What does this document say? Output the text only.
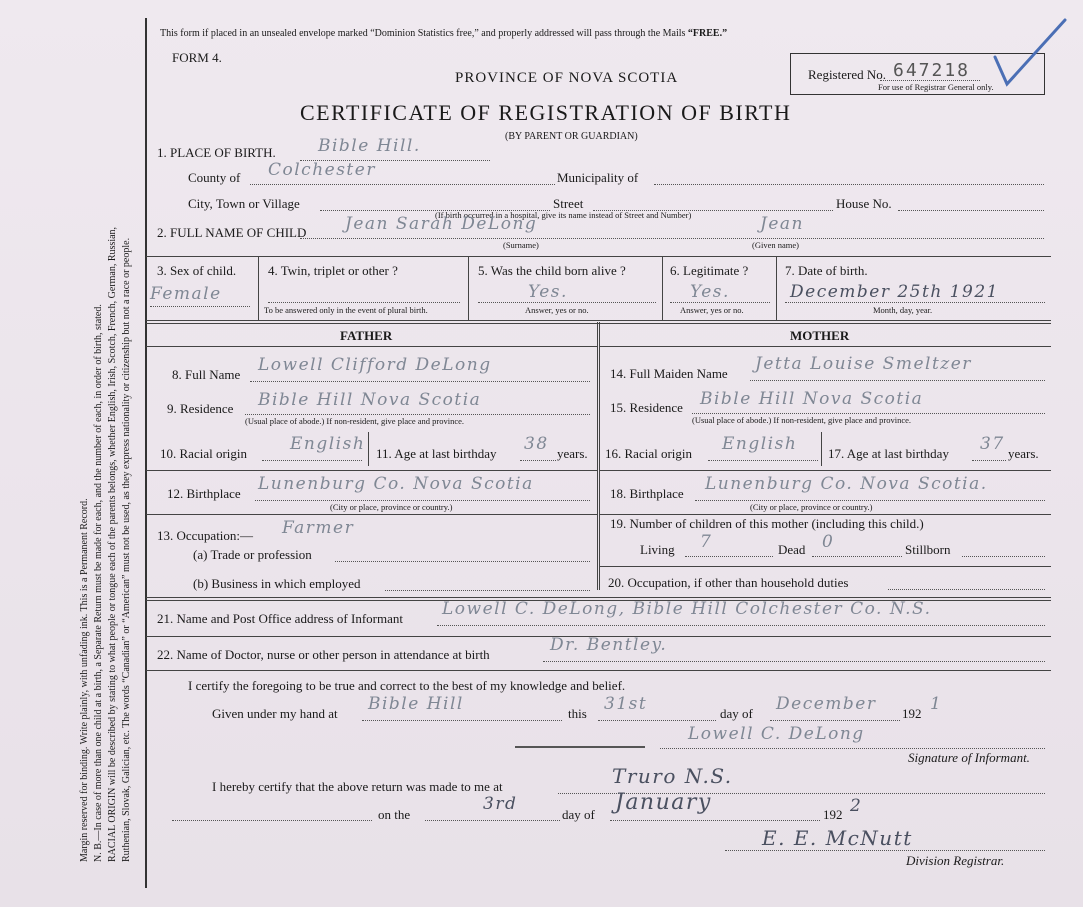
Margin reserved for binding. Write plainly, with unfading ink. This is a Permanent Record. N. B.—In case of more than one child at a birth, a Separate Return must be made for each, and the number of each, in order of birth, stated. RACIAL ORIGIN will be described by stating to what people or tongue each of the parents belongs, whether English, Irish, Scotch, French, German, Russian, Ruthenian, Slovak, Galician, etc. The words “Canadian” or “American” must not be used, as they express nationality or citizenship but not a race or people.
This form if placed in an unsealed envelope marked “Dominion Statistics free,” and properly addressed will pass through the Mails “FREE.”
FORM 4.
PROVINCE OF NOVA SCOTIA
CERTIFICATE OF REGISTRATION OF BIRTH
(BY PARENT OR GUARDIAN)
Registered No. 647218
For use of Registrar General only.
1. PLACE OF BIRTH. Bible Hill.
County of Colchester	Municipality of
City, Town or Village	Street	House No.
(If birth occurred in a hospital, give its name instead of Street and Number)
2. FULL NAME OF CHILD Jean Sarah DeLong	Jean
(Surname)	(Given name)
3. Sex of child.
Female
4. Twin, triplet or other ?
To be answered only in the event of plural birth.
5. Was the child born alive ?
Yes.
Answer, yes or no.
6. Legitimate ?
Yes.
Answer, yes or no.
7. Date of birth.
December 25th 1921
Month, day, year.
FATHER	MOTHER
8. Full Name Lowell Clifford DeLong
9. Residence Bible Hill Nova Scotia
(Usual place of abode.) If non-resident, give place and province.
10. Racial origin	English 11. Age at last birthday 38 years.
12. Birthplace Lunenburg Co. Nova Scotia
(City or place, province or country.)
13. Occupation:— Farmer
(a) Trade or profession
(b) Business in which employed
14. Full Maiden Name Jetta Louise Smeltzer
15. Residence Bible Hill Nova Scotia
(Usual place of abode.) If non-resident, give place and province.
16. Racial origin English 17. Age at last birthday 37 years.
18. Birthplace Lunenburg Co. Nova Scotia.
(City or place, province or country.)
19. Number of children of this mother (including this child.)
Living 7	Dead 0	Stillborn
20. Occupation, if other than household duties
21. Name and Post Office address of Informant Lowell C. DeLong, Bible Hill Colchester Co. N.S.
22. Name of Doctor, nurse or other person in attendance at birth	Dr. Bentley.
I certify the foregoing to be true and correct to the best of my knowledge and belief.
Given under my hand at Bible Hill	this 31st	day of December 192 1
Lowell C. DeLong
Signature of Informant.
I hereby certify that the above return was made to me at	Truro N.S.
on the
3rd
day of January	192 2
E. E. McNutt
Division Registrar.
